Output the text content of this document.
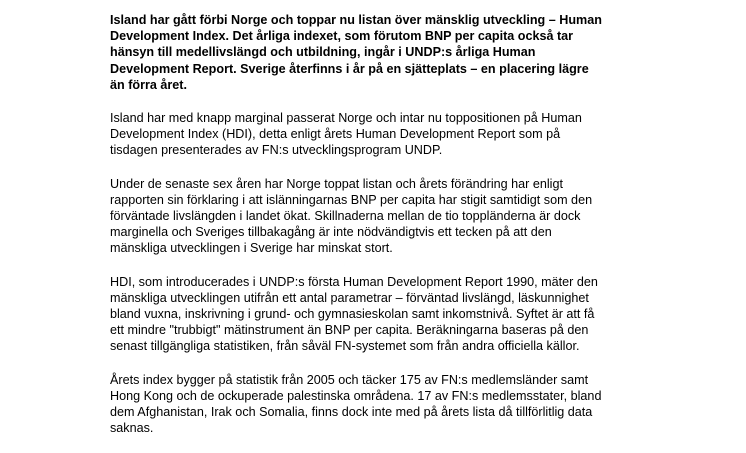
Island har gått förbi Norge och toppar nu listan över mänsklig utveckling – Human
Development Index. Det årliga indexet, som förutom BNP per capita också tar
hänsyn till medellivslängd och utbildning, ingår i UNDP:s årliga Human
Development Report. Sverige återfinns i år på en sjätteplats – en placering lägre
än förra året.

Island har med knapp marginal passerat Norge och intar nu toppositionen på Human
Development Index (HDI), detta enligt årets Human Development Report som på
tisdagen presenterades av FN:s utvecklingsprogram UNDP.

Under de senaste sex åren har Norge toppat listan och årets förändring har enligt
rapporten sin förklaring i att islänningarnas BNP per capita har stigit samtidigt som den
förväntade livslängden i landet ökat. Skillnaderna mellan de tio toppländerna är dock
marginella och Sveriges tillbakagång är inte nödvändigtvis ett tecken på att den
mänskliga utvecklingen i Sverige har minskat stort.

HDI, som introducerades i UNDP:s första Human Development Report 1990, mäter den
mänskliga utvecklingen utifrån ett antal parametrar – förväntad livslängd, läskunnighet
bland vuxna, inskrivning i grund- och gymnasieskolan samt inkomstnivå. Syftet är att få
ett mindre "trubbigt" mätinstrument än BNP per capita. Beräkningarna baseras på den
senast tillgängliga statistiken, från såväl FN-systemet som från andra officiella källor.

Årets index bygger på statistik från 2005 och täcker 175 av FN:s medlemsländer samt
Hong Kong och de ockuperade palestinska områdena. 17 av FN:s medlemsstater, bland
dem Afghanistan, Irak och Somalia, finns dock inte med på årets lista då tillförlitlig data
saknas.
